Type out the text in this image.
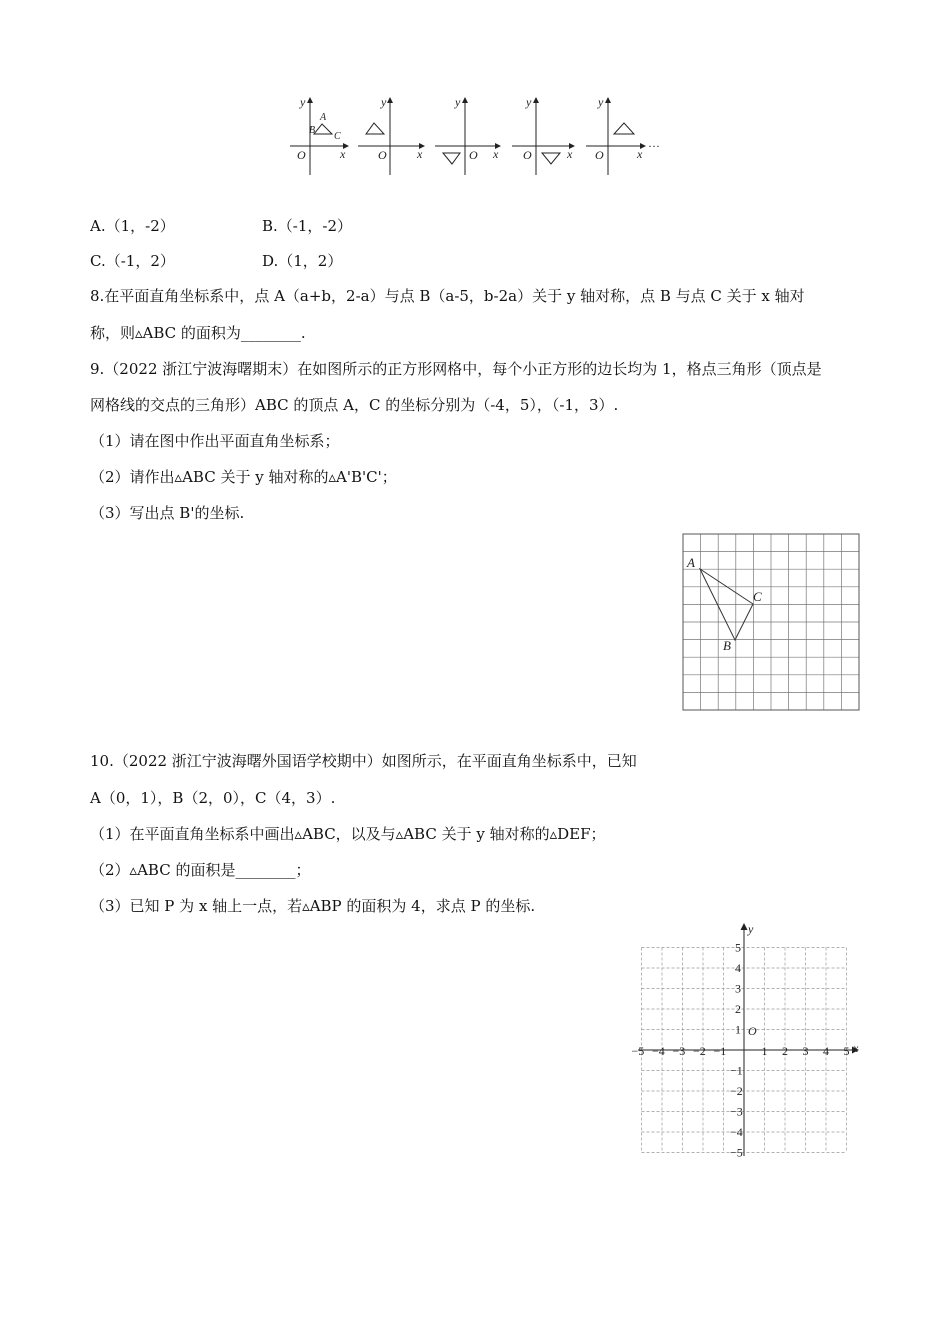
y
x
O
A
B
C
y
x
O
y
x
O
y
x
O
y
x
O
···
A.（1，-2）	B.（-1，-2）
C.（-1，2）	D.（1，2）
8.在平面直角坐标系中，点 A（a+b，2-a）与点 B（a-5，b-2a）关于 y 轴对称，点 B 与点 C 关于 x 轴对
称，则▵ABC 的面积为________.
9.（2022 浙江宁波海曙期末）在如图所示的正方形网格中，每个小正方形的边长均为 1，格点三角形（顶点是
网格线的交点的三角形）ABC 的顶点 A，C 的坐标分别为（-4，5），（-1，3）.
（1）请在图中作出平面直角坐标系；
（2）请作出▵ABC 关于 y 轴对称的▵A'B'C'；
（3）写出点 B'的坐标.
A
C
B
10.（2022 浙江宁波海曙外国语学校期中）如图所示，在平面直角坐标系中，已知
A（0，1），B（2，0），C（4，3）.
（1）在平面直角坐标系中画出▵ABC，以及与▵ABC 关于 y 轴对称的▵DEF；
（2）▵ABC 的面积是________；
（3）已知 P 为 x 轴上一点，若▵ABP 的面积为 4，求点 P 的坐标.
−5 −4 −3 −2 −1	1 2 3 4 5
5
4
3
2
1
−1
−2
−3
−4
−5
x
y
O
